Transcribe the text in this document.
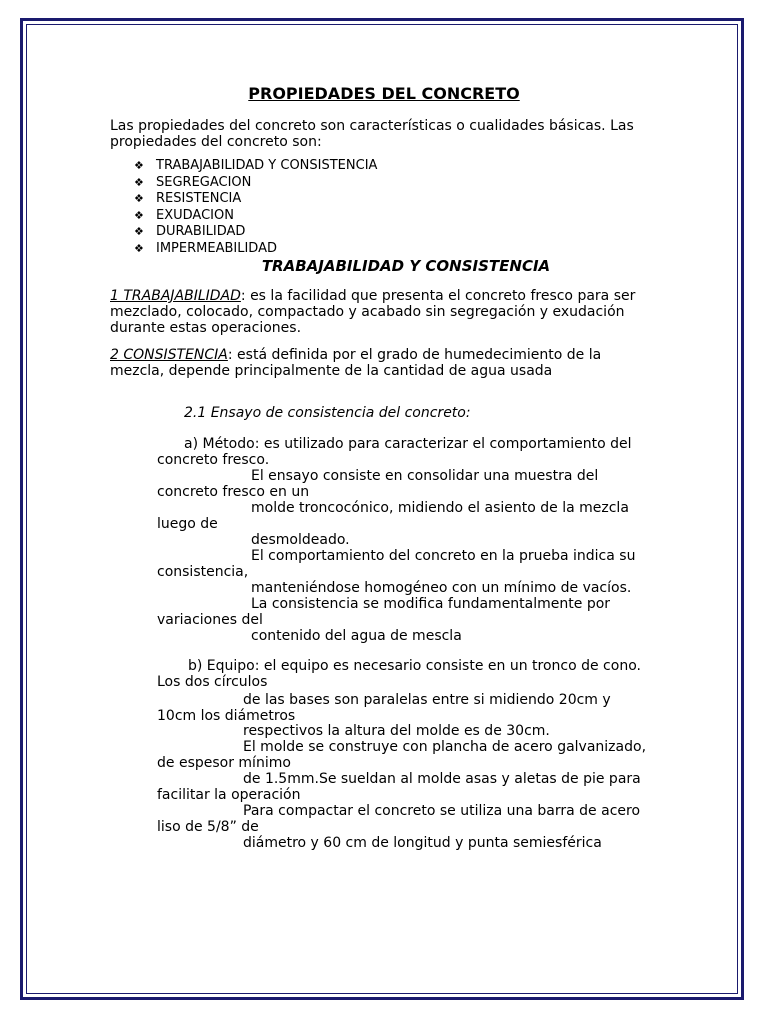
PROPIEDADES DEL CONCRETO

Las propiedades del concreto son características o cualidades básicas. Las

propiedades del concreto son:

❖ TRABAJABILIDAD Y CONSISTENCIA
❖ SEGREGACION
❖ RESISTENCIA
❖ EXUDACION
❖ DURABILIDAD
❖ IMPERMEABILIDAD

TRABAJABILIDAD Y CONSISTENCIA

1 TRABAJABILIDAD: es la facilidad que presenta el concreto fresco para ser

mezclado, colocado, compactado y acabado sin segregación y exudación

durante estas operaciones.

2 CONSISTENCIA: está definida por el grado de humedecimiento de la

mezcla, depende principalmente de la cantidad de agua usada

2.1 Ensayo de consistencia del concreto:

a) Método: es utilizado para caracterizar el comportamiento del

concreto fresco.

El ensayo consiste en consolidar una muestra del

concreto fresco en un

molde troncocónico, midiendo el asiento de la mezcla

luego de

desmoldeado.

El comportamiento del concreto en la prueba indica su

consistencia,

manteniéndose homogéneo con un mínimo de vacíos.

La consistencia se modifica fundamentalmente por

variaciones del

contenido del agua de mescla

b) Equipo: el equipo es necesario consiste en un tronco de cono.

Los dos círculos

de las bases son paralelas entre si midiendo 20cm y

10cm los diámetros

respectivos la altura del molde es de 30cm.

El molde se construye con plancha de acero galvanizado,

de espesor mínimo

de 1.5mm.Se sueldan al molde asas y aletas de pie para

facilitar la operación

Para compactar el concreto se utiliza una barra de acero

liso de 5/8” de

diámetro y 60 cm de longitud y punta semiesférica
